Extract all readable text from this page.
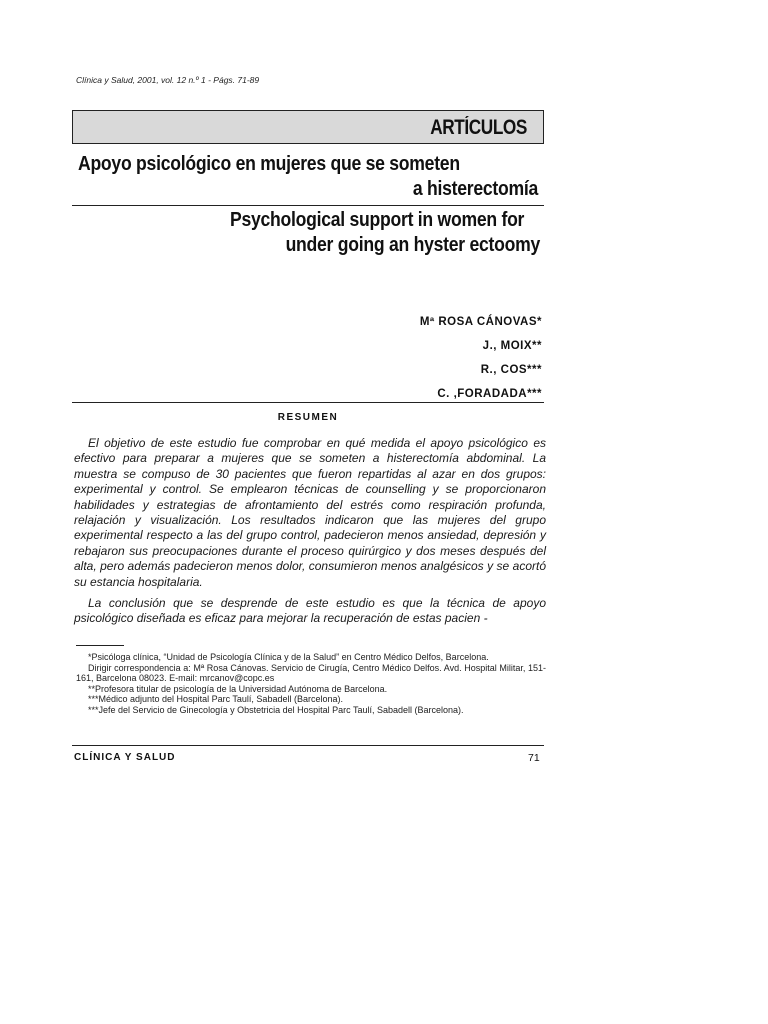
Clínica y Salud, 2001, vol. 12 n.º 1 - Págs. 71-89
ARTÍCULOS
Apoyo psicológico en mujeres que se someten
a histerectomía
Psychological support in women for
under going an hyster ectoomy
Mª ROSA CÁNOVAS*
J., MOIX**
R., COS***
C. ,FORADADA***
RESUMEN

El objetivo de este estudio fue comprobar en qué medida el apoyo psicológico es efectivo para preparar a mujeres que se someten a histerectomía abdominal. La muestra se compuso de 30 pacientes que fueron repartidas al azar en dos grupos: experimental y control. Se emplearon técnicas de counselling y se proporcionaron habilidades y estrategias de afrontamiento del estrés como respiración profunda, relajación y visualización. Los resultados indicaron que las mujeres del grupo experimental respecto a las del grupo control, padecieron menos ansiedad, depresión y rebajaron sus preocupaciones durante el proceso quirúrgico y dos meses después del alta, pero además padecieron menos dolor, consumieron menos analgésicos y se acortó su estancia hospitalaria.

La conclusión que se desprende de este estudio es que la técnica de apoyo psicológico diseñada es eficaz para mejorar la recuperación de estas pacien -

*Psicóloga clínica, “Unidad de Psicología Clínica y de la Salud” en Centro Médico Delfos, Barcelona.

Dirigir correspondencia a: Mª Rosa Cánovas. Servicio de Cirugía, Centro Médico Delfos. Avd. Hospital Militar, 151-161, Barcelona 08023. E-mail: mrcanov@copc.es

**Profesora titular de psicología de la Universidad Autónoma de Barcelona.

***Médico adjunto del Hospital Parc Taulí, Sabadell (Barcelona).

***Jefe del Servicio de Ginecología y Obstetricia del Hospital Parc Taulí, Sabadell (Barcelona).

CLÍNICA Y SALUD	71
